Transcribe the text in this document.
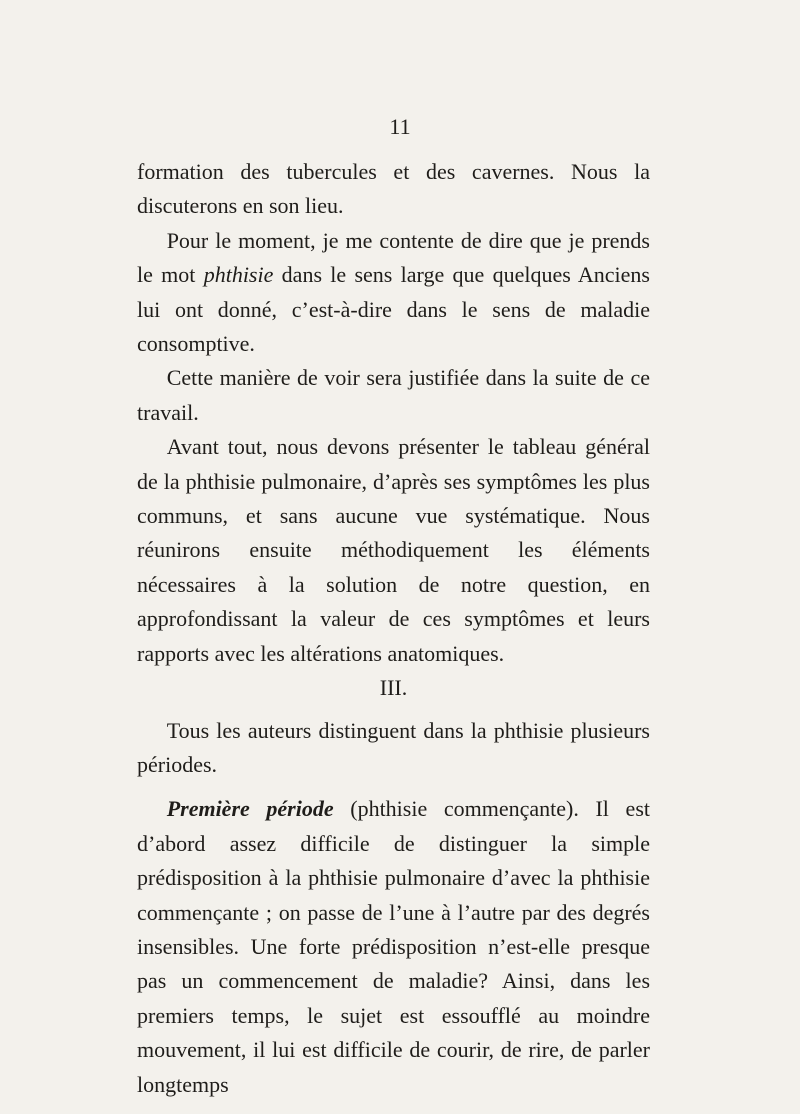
11

formation des tubercules et des cavernes. Nous la discuterons en son lieu.

Pour le moment, je me contente de dire que je prends le mot phthisie dans le sens large que quelques Anciens lui ont donné, c’est-à-dire dans le sens de maladie consomptive.

Cette manière de voir sera justifiée dans la suite de ce travail.

Avant tout, nous devons présenter le tableau général de la phthisie pulmonaire, d’après ses symptômes les plus communs, et sans aucune vue systématique. Nous réunirons ensuite méthodiquement les éléments nécessaires à la solution de notre question, en approfondissant la valeur de ces symptômes et leurs rapports avec les altérations anatomiques.

III.

Tous les auteurs distinguent dans la phthisie plusieurs périodes.

Première période (phthisie commençante). Il est d’abord assez difficile de distinguer la simple prédisposition à la phthisie pulmonaire d’avec la phthisie commençante ; on passe de l’une à l’autre par des degrés insensibles. Une forte prédisposition n’est-elle presque pas un commencement de maladie? Ainsi, dans les premiers temps, le sujet est essoufflé au moindre mouvement, il lui est difficile de courir, de rire, de parler longtemps
